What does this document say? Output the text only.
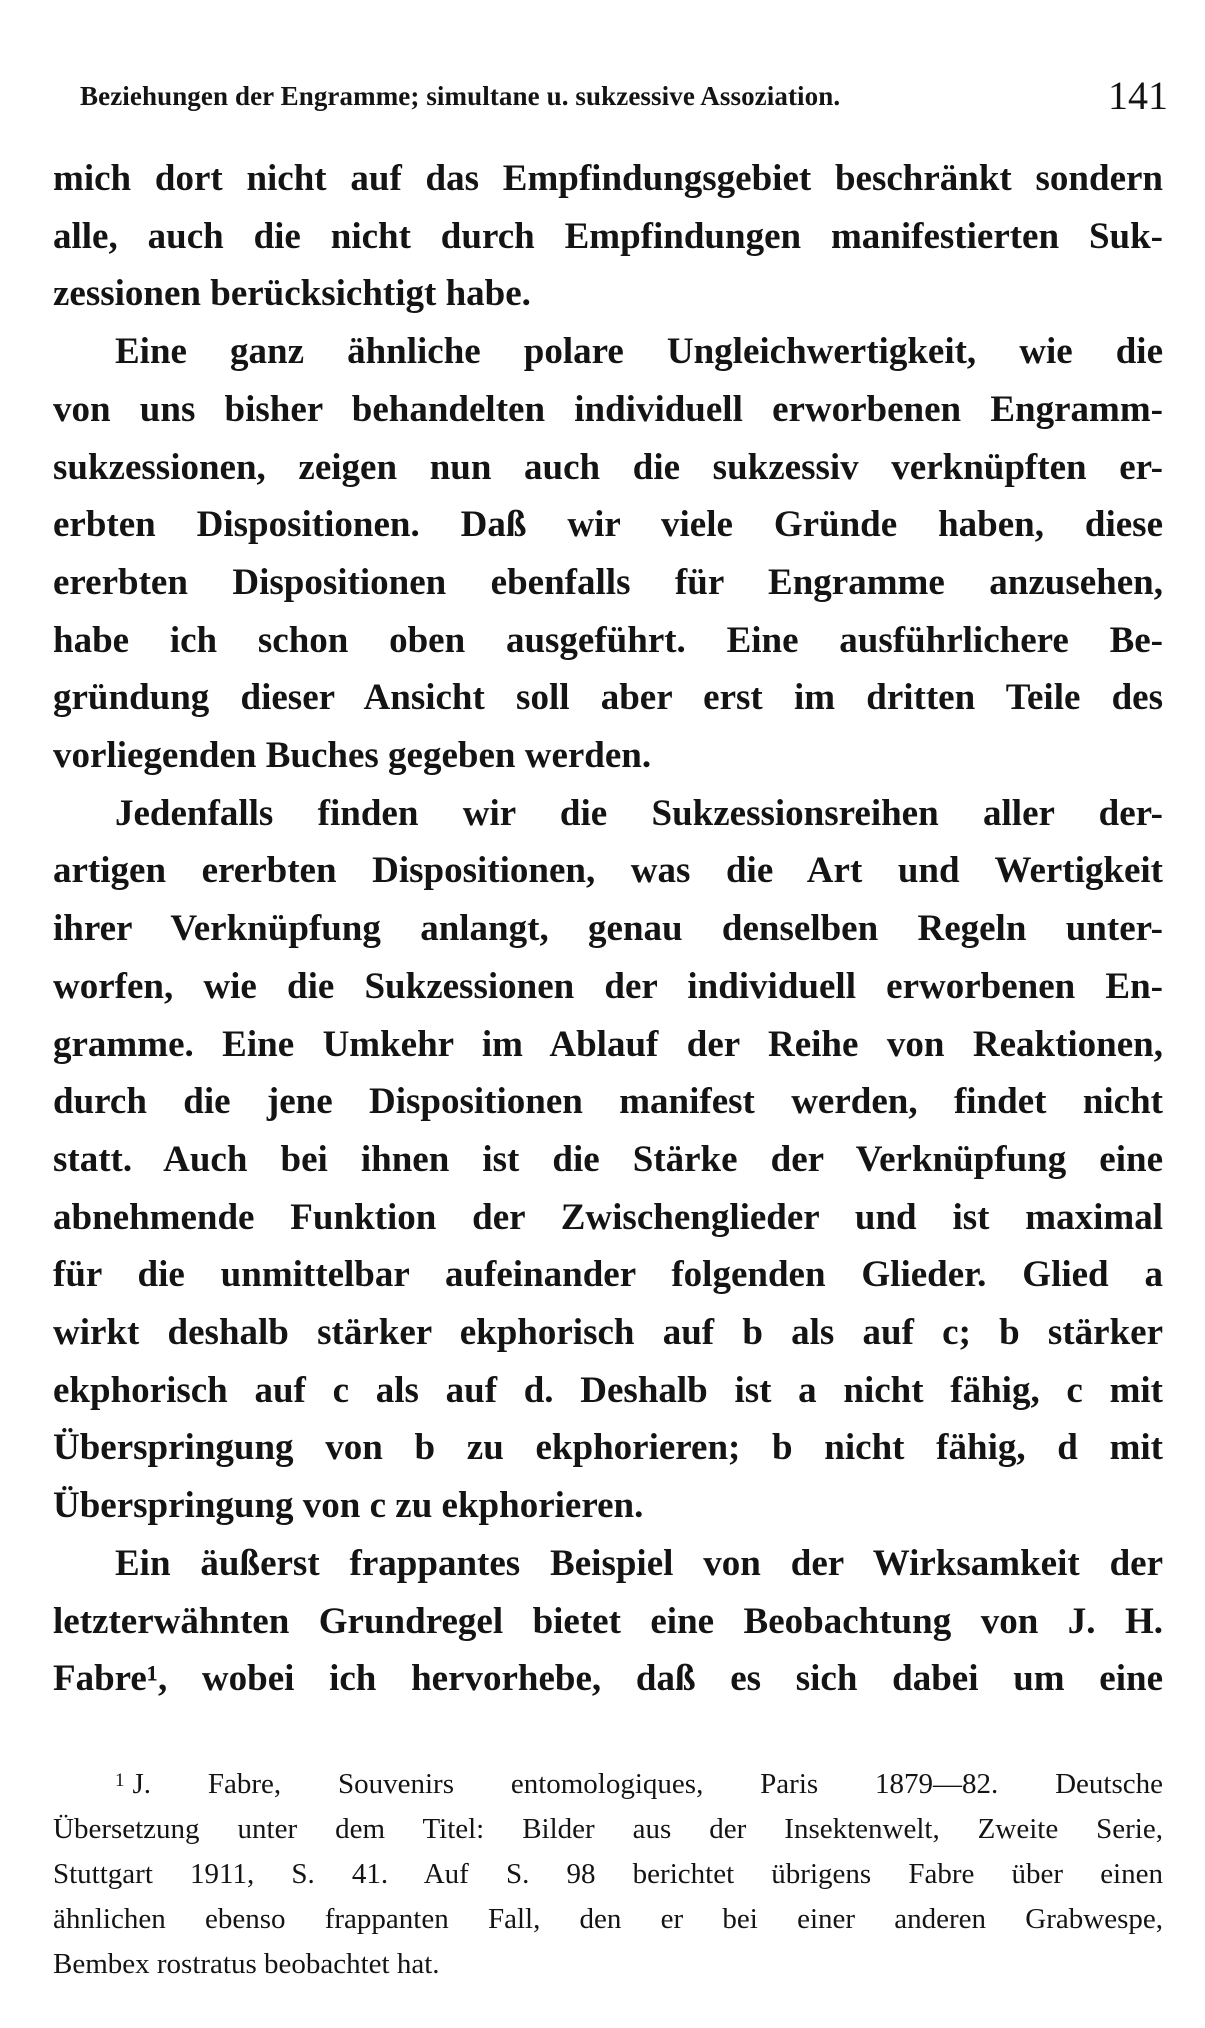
Beziehungen der Engramme; simultane u. sukzessive Assoziation.	141

mich dort nicht auf das Empfindungsgebiet beschränkt sondern
alle, auch die nicht durch Empfindungen manifestierten Suk-
zessionen berücksichtigt habe.

Eine ganz ähnliche polare Ungleichwertigkeit, wie die
von uns bisher behandelten individuell erworbenen Engramm-
sukzessionen, zeigen nun auch die sukzessiv verknüpften er-
erbten Dispositionen. Daß wir viele Gründe haben, diese
ererbten Dispositionen ebenfalls für Engramme anzusehen,
habe ich schon oben ausgeführt. Eine ausführlichere Be-
gründung dieser Ansicht soll aber erst im dritten Teile des
vorliegenden Buches gegeben werden.

Jedenfalls finden wir die Sukzessionsreihen aller der-
artigen ererbten Dispositionen, was die Art und Wertigkeit
ihrer Verknüpfung anlangt, genau denselben Regeln unter-
worfen, wie die Sukzessionen der individuell erworbenen En-
gramme. Eine Umkehr im Ablauf der Reihe von Reaktionen,
durch die jene Dispositionen manifest werden, findet nicht
statt. Auch bei ihnen ist die Stärke der Verknüpfung eine
abnehmende Funktion der Zwischenglieder und ist maximal
für die unmittelbar aufeinander folgenden Glieder. Glied a
wirkt deshalb stärker ekphorisch auf b als auf c; b stärker
ekphorisch auf c als auf d. Deshalb ist a nicht fähig, c mit
Überspringung von b zu ekphorieren; b nicht fähig, d mit
Überspringung von c zu ekphorieren.

Ein äußerst frappantes Beispiel von der Wirksamkeit der
letzterwähnten Grundregel bietet eine Beobachtung von J. H.
Fabre¹, wobei ich hervorhebe, daß es sich dabei um eine

$^1$ J. Fabre, Souvenirs entomologiques, Paris 1879—82. Deutsche
Übersetzung unter dem Titel: Bilder aus der Insektenwelt, Zweite Serie,
Stuttgart 1911, S. 41. Auf S. 98 berichtet übrigens Fabre über einen
ähnlichen ebenso frappanten Fall, den er bei einer anderen Grabwespe,
Bembex rostratus beobachtet hat.
